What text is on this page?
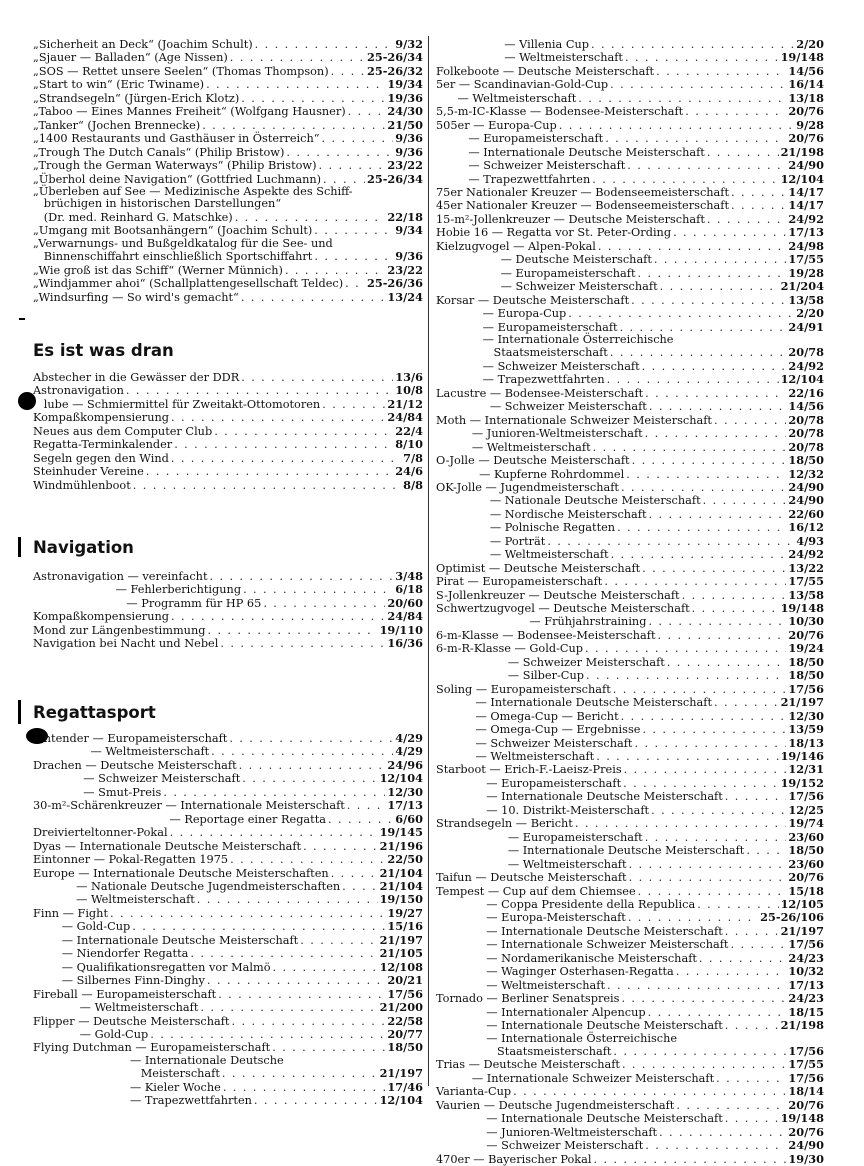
„Sicherheit an Deck“ (Joachim Schult) . . .	9/32
„Sjauer — Balladen“ (Age Nissen) . . .	25-26/34
„SOS — Rettet unsere Seelen“ (Thomas Thompson) . . .	25-26/32
„Start to win“ (Eric Twiname) . . .	19/34
„Strandsegeln“ (Jürgen-Erich Klotz) . . .	19/36
„Taboo — Eines Mannes Freiheit“ (Wolfgang Hausner) . . .	24/30
„Tanker“ (Jochen Brennecke) . . .	21/50
„1400 Restaurants und Gasthäuser in Österreich“ . . .	9/36
„Trough The Dutch Canals“ (Philip Bristow) . . .	9/36
„Trough the German Waterways“ (Philip Bristow) . . .	23/22
„Überhol deine Navigation“ (Gottfried Luchmann) . . .	25-26/34
„Überleben auf See — Medizinische Aspekte des Schiff-
brüchigen in historischen Darstellungen“
(Dr. med. Reinhard G. Matschke) . . .	22/18
„Umgang mit Bootsanhängern“ (Joachim Schult) . . .	9/34
„Verwarnungs- und Bußgeldkatalog für die See- und
Binnenschiffahrt einschließlich Sportschiffahrt . . .	9/36
„Wie groß ist das Schiff“ (Werner Münnich) . . .	23/22
„Windjammer ahoi“ (Schallplattengesellschaft Teldec) . . . 25-26/36
„Windsurfing — So wird's gemacht“ . . .	13/24
Es ist was dran
Abstecher in die Gewässer der DDR . . .	13/6
Astronavigation . . .	10/8
lube — Schmiermittel für Zweitakt-Ottomotoren . . .	21/12
Kompaßkompensierung . . .	24/84
Neues aus dem Computer Club . . .	22/4
Regatta-Terminkalender . . .	8/10
Segeln gegen den Wind . . .	7/8
Steinhuder Vereine . . .	24/6
Windmühlenboot . . .	8/8
Navigation
Astronavigation — vereinfacht . . .	3/48
— Fehlerberichtigung . . .	6/18
— Programm für HP 65 . . .	20/60
Kompaßkompensierung . . .	24/84
Mond zur Längenbestimmung . . .	19/110
Navigation bei Nacht und Nebel . . .	16/36
Regattasport
ntender — Europameisterschaft . . .	4/29
— Weltmeisterschaft . . .	4/29
Drachen — Deutsche Meisterschaft . . .	24/96
— Schweizer Meisterschaft . . .	12/104
— Smut-Preis . . .	12/30
30-m²-Schärenkreuzer — Internationale Meisterschaft . . .	17/13
— Reportage einer Regatta . . .	6/60
Dreivierteltonner-Pokal . . .	19/145
Dyas — Internationale Deutsche Meisterschaft . . .	21/196
Eintonner — Pokal-Regatten 1975 . . .	22/50
Europe — Internationale Deutsche Meisterschaften . . .	21/104
— Nationale Deutsche Jugendmeisterschaften . . .	21/104
— Weltmeisterschaft . . .	19/150
Finn — Fight . . .	19/27
— Gold-Cup . . .	15/16
— Internationale Deutsche Meisterschaft . . .	21/197
— Niendorfer Regatta . . .	21/105
— Qualifikationsregatten vor Malmö . . .	12/108
— Silbernes Finn-Dinghy . . .	20/21
Fireball — Europameisterschaft . . .	17/56
— Weltmeisterschaft . . .	21/200
Flipper — Deutsche Meisterschaft . . .	22/58
— Gold-Cup . . .	20/77
Flying Dutchman — Europameisterschaft . . .	18/50
— Internationale Deutsche
Meisterschaft . . .	21/197
— Kieler Woche . . .	17/46
— Trapezwettfahrten . . .	12/104
— Villenia Cup . . .	2/20
— Weltmeisterschaft . . .	19/148
Folkeboote — Deutsche Meisterschaft . . .	14/56
5er — Scandinavian-Gold-Cup . . .	16/14
— Weltmeisterschaft . . .	13/18
5,5-m-IC-Klasse — Bodensee-Meisterschaft . . .	20/76
505er — Europa-Cup . . .	9/28
— Europameisterschaft . . .	20/76
— Internationale Deutsche Meisterschaft . . .	21/198
— Schweizer Meisterschaft . . .	24/90
— Trapezwettfahrten . . .	12/104
75er Nationaler Kreuzer — Bodenseemeisterschaft . . .	14/17
45er Nationaler Kreuzer — Bodenseemeisterschaft . . .	14/17
15-m²-Jollenkreuzer — Deutsche Meisterschaft . . .	24/92
Hobie 16 — Regatta vor St. Peter-Ording . . .	17/13
Kielzugvogel — Alpen-Pokal . . .	24/98
— Deutsche Meisterschaft . . .	17/55
— Europameisterschaft . . .	19/28
— Schweizer Meisterschaft . . .	21/204
Korsar — Deutsche Meisterschaft . . .	13/58
— Europa-Cup . . .	2/20
— Europameisterschaft . . .	24/91
— Internationale Österreichische
Staatsmeisterschaft . . .	20/78
— Schweizer Meisterschaft . . .	24/92
— Trapezwettfahrten . . .	12/104
Lacustre — Bodensee-Meisterschaft . . .	22/16
— Schweizer Meisterschaft . . .	14/56
Moth — Internationale Schweizer Meisterschaft . . .	20/78
— Junioren-Weltmeisterschaft . . .	20/78
— Weltmeisterschaft . . .	20/78
O-Jolle — Deutsche Meisterschaft . . .	18/50
— Kupferne Rohrdommel . . .	12/32
OK-Jolle — Jugendmeisterschaft . . .	24/90
— Nationale Deutsche Meisterschaft . . .	24/90
— Nordische Meisterschaft . . .	22/60
— Polnische Regatten . . .	16/12
— Porträt . . .	4/93
— Weltmeisterschaft . . .	24/92
Optimist — Deutsche Meisterschaft . . .	13/22
Pirat — Europameisterschaft . . .	17/55
S-Jollenkreuzer — Deutsche Meisterschaft . . .	13/58
Schwertzugvogel — Deutsche Meisterschaft . . .	19/148
— Frühjahrstraining . . .	10/30
6-m-Klasse — Bodensee-Meisterschaft . . .	20/76
6-m-R-Klasse — Gold-Cup . . .	19/24
— Schweizer Meisterschaft . . .	18/50
— Silber-Cup . . .	18/50
Soling — Europameisterschaft . . .	17/56
— Internationale Deutsche Meisterschaft . . .	21/197
— Omega-Cup — Bericht . . .	12/30
— Omega-Cup — Ergebnisse . . .	13/59
— Schweizer Meisterschaft . . .	18/13
— Weltmeisterschaft . . .	19/146
Starboot — Erich-F.-Laeisz-Preis . . .	12/31
— Europameisterschaft . . .	19/152
— Internationale Deutsche Meisterschaft . . .	17/56
— 10. Distrikt-Meisterschaft . . .	12/25
Strandsegeln — Bericht . . .	19/74
— Europameisterschaft . . .	23/60
— Internationale Deutsche Meisterschaft . . .	18/50
— Weltmeisterschaft . . .	23/60
Taifun — Deutsche Meisterschaft . . .	20/76
Tempest — Cup auf dem Chiemsee . . .	15/18
— Coppa Presidente della Republica . . .	12/105
— Europa-Meisterschaft . . .	25-26/106
— Internationale Deutsche Meisterschaft . . .	21/197
— Internationale Schweizer Meisterschaft . . .	17/56
— Nordamerikanische Meisterschaft . . .	24/23
— Waginger Osterhasen-Regatta . . .	10/32
— Weltmeisterschaft . . .	17/13
Tornado — Berliner Senatspreis . . .	24/23
— Internationaler Alpencup . . .	18/15
— Internationale Deutsche Meisterschaft . . .	21/198
— Internationale Österreichische
Staatsmeisterschaft . . .	17/56
Trias — Deutsche Meisterschaft . . .	17/55
— Internationale Schweizer Meisterschaft . . .	17/56
Varianta-Cup . . .	18/14
Vaurien — Deutsche Jugendmeisterschaft . . .	20/76
— Internationale Deutsche Meisterschaft . . .	19/148
— Junioren-Weltmeisterschaft . . .	20/76
— Schweizer Meisterschaft . . .	24/90
470er — Bayerischer Pokal . . .	19/30
